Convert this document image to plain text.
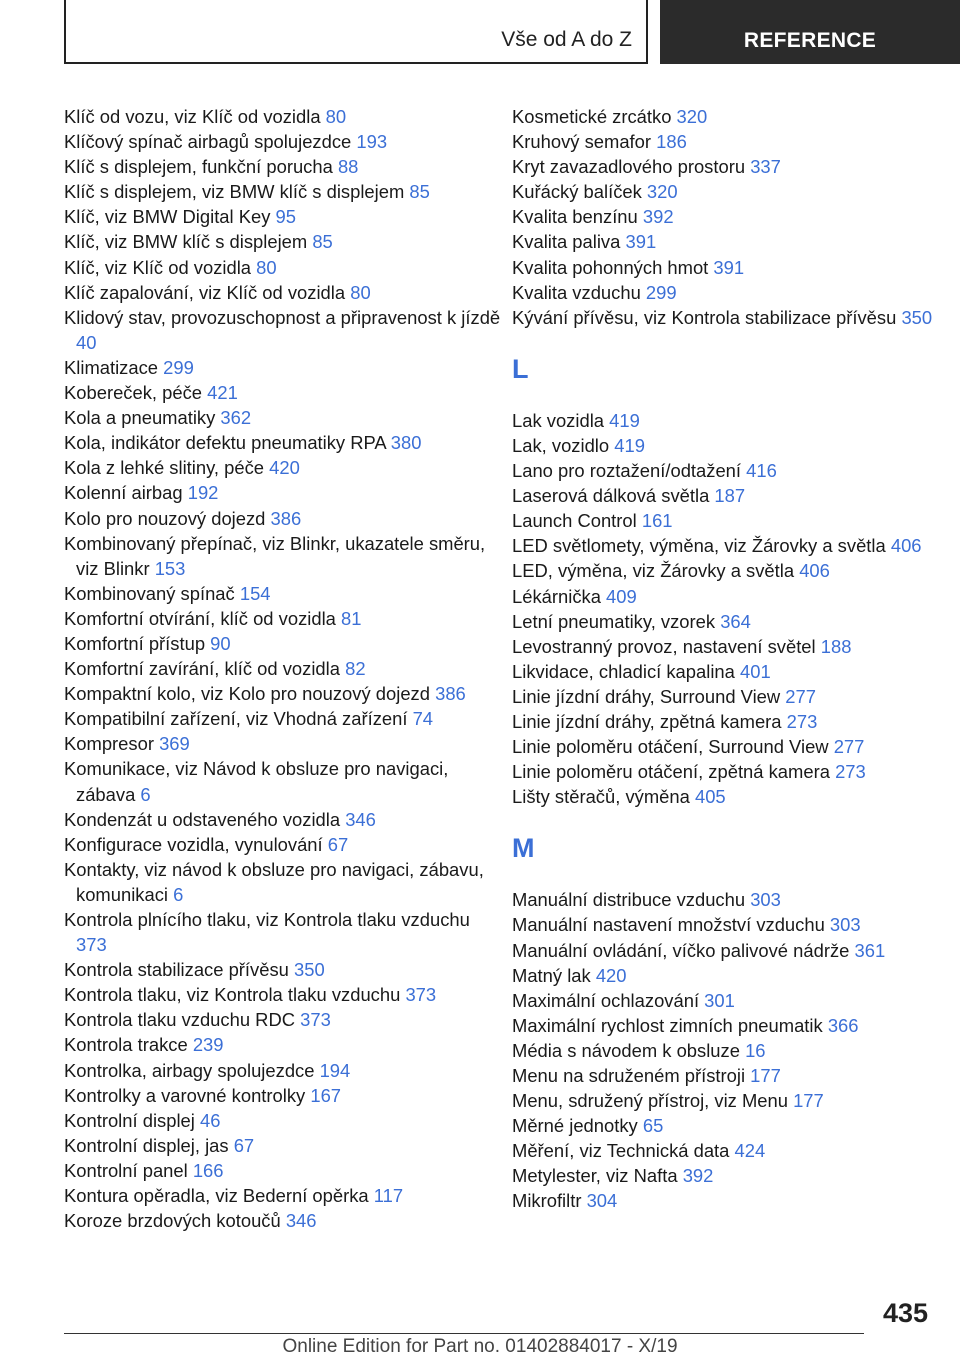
Vše od A do Z	REFERENCE
Klíč od vozu, viz Klíč od vozidla 80
Klíčový spínač airbagů spolujezdce 193
Klíč s displejem, funkční porucha 88
Klíč s displejem, viz BMW klíč s displejem 85
Klíč, viz BMW Digital Key 95
Klíč, viz BMW klíč s displejem 85
Klíč, viz Klíč od vozidla 80
Klíč zapalování, viz Klíč od vozidla 80
Klidový stav, provozuschopnost a připravenost k jízdě 40
Klimatizace 299
Kobereček, péče 421
Kola a pneumatiky 362
Kola, indikátor defektu pneumatiky RPA 380
Kola z lehké slitiny, péče 420
Kolenní airbag 192
Kolo pro nouzový dojezd 386
Kombinovaný přepínač, viz Blinkr, ukazatele směru, viz Blinkr 153
Kombinovaný spínač 154
Komfortní otvírání, klíč od vozidla 81
Komfortní přístup 90
Komfortní zavírání, klíč od vozidla 82
Kompaktní kolo, viz Kolo pro nouzový dojezd 386
Kompatibilní zařízení, viz Vhodná zařízení 74
Kompresor 369
Komunikace, viz Návod k obsluze pro navigaci, zábava 6
Kondenzát u odstaveného vozidla 346
Konfigurace vozidla, vynulování 67
Kontakty, viz návod k obsluze pro navigaci, zábavu, komunikaci 6
Kontrola plnícího tlaku, viz Kontrola tlaku vzduchu 373
Kontrola stabilizace přívěsu 350
Kontrola tlaku, viz Kontrola tlaku vzduchu 373
Kontrola tlaku vzduchu RDC 373
Kontrola trakce 239
Kontrolka, airbagy spolujezdce 194
Kontrolky a varovné kontrolky 167
Kontrolní displej 46
Kontrolní displej, jas 67
Kontrolní panel 166
Kontura opěradla, viz Bederní opěrka 117
Koroze brzdových kotoučů 346
Kosmetické zrcátko 320
Kruhový semafor 186
Kryt zavazadlového prostoru 337
Kuřácký balíček 320
Kvalita benzínu 392
Kvalita paliva 391
Kvalita pohonných hmot 391
Kvalita vzduchu 299
Kývání přívěsu, viz Kontrola stabilizace přívěsu 350
L
Lak vozidla 419
Lak, vozidlo 419
Lano pro roztažení/odtažení 416
Laserová dálková světla 187
Launch Control 161
LED světlomety, výměna, viz Žárovky a světla 406
LED, výměna, viz Žárovky a světla 406
Lékárnička 409
Letní pneumatiky, vzorek 364
Levostranný provoz, nastavení světel 188
Likvidace, chladicí kapalina 401
Linie jízdní dráhy, Surround View 277
Linie jízdní dráhy, zpětná kamera 273
Linie poloměru otáčení, Surround View 277
Linie poloměru otáčení, zpětná kamera 273
Lišty stěračů, výměna 405
M
Manuální distribuce vzduchu 303
Manuální nastavení množství vzduchu 303
Manuální ovládání, víčko palivové nádrže 361
Matný lak 420
Maximální ochlazování 301
Maximální rychlost zimních pneumatik 366
Média s návodem k obsluze 16
Menu na sdruženém přístroji 177
Menu, sdružený přístroj, viz Menu 177
Měrné jednotky 65
Měření, viz Technická data 424
Metylester, viz Nafta 392
Mikrofiltr 304
435
Online Edition for Part no. 01402884017 - X/19
